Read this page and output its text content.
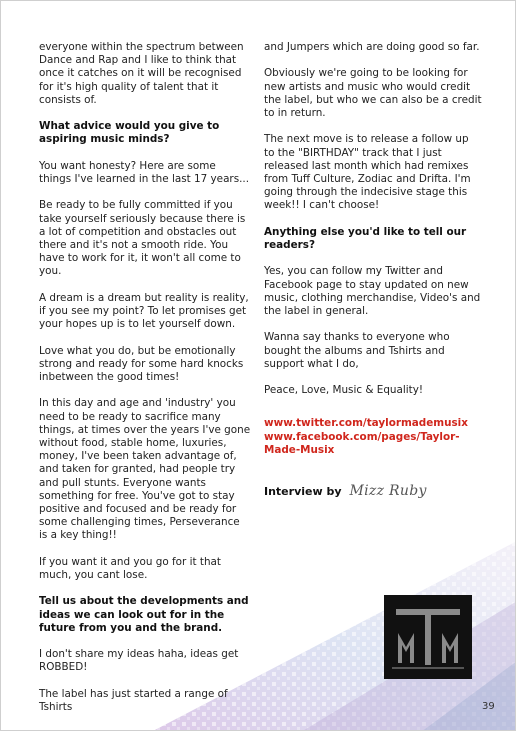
everyone within the spectrum between Dance and Rap and I like to think that once it catches on it will be recognised for it's high quality of talent that it consists of.

What advice would you give to aspiring music minds?

You want honesty? Here are some things I've learned in the last 17 years...

Be ready to be fully committed if you take yourself seriously because there is a lot of competition and obstacles out there and it's not a smooth ride. You have to work for it, it won't all come to you.

A dream is a dream but reality is reality, if you see my point? To let promises get your hopes up is to let yourself down.

Love what you do, but be emotionally strong and ready for some hard knocks inbetween the good times!

In this day and age and 'industry' you need to be ready to sacrifice many things, at times over the years I've gone without food, stable home, luxuries, money, I've been taken advantage of, and taken for granted, had people try and pull stunts. Everyone wants something for free. You've got to stay positive and focused and be ready for some challenging times, Perseverance is a key thing!!

If you want it and you go for it that much, you cant lose.

Tell us about the developments and ideas we can look out for in the future from you and the brand.

I don't share my ideas haha, ideas get ROBBED!

The label has just started a range of Tshirts

and Jumpers which are doing good so far.

Obviously we're going to be looking for new artists and music who would credit the label, but who we can also be a credit to in return.

The next move is to release a follow up to the "BIRTHDAY" track that I just released last month which had remixes from Tuff Culture, Zodiac and Drifta. I'm going through the indecisive stage this week!! I can't choose!

Anything else you'd like to tell our readers?

Yes, you can follow my Twitter and Facebook page to stay updated on new music, clothing merchandise, Video's and the label in general.

Wanna say thanks to everyone who bought the albums and Tshirts and support what I do,

Peace, Love, Music & Equality!

www.twitter.com/taylormademusix
www.facebook.com/pages/Taylor-Made-Musix
Interview by Mizz Ruby
39
